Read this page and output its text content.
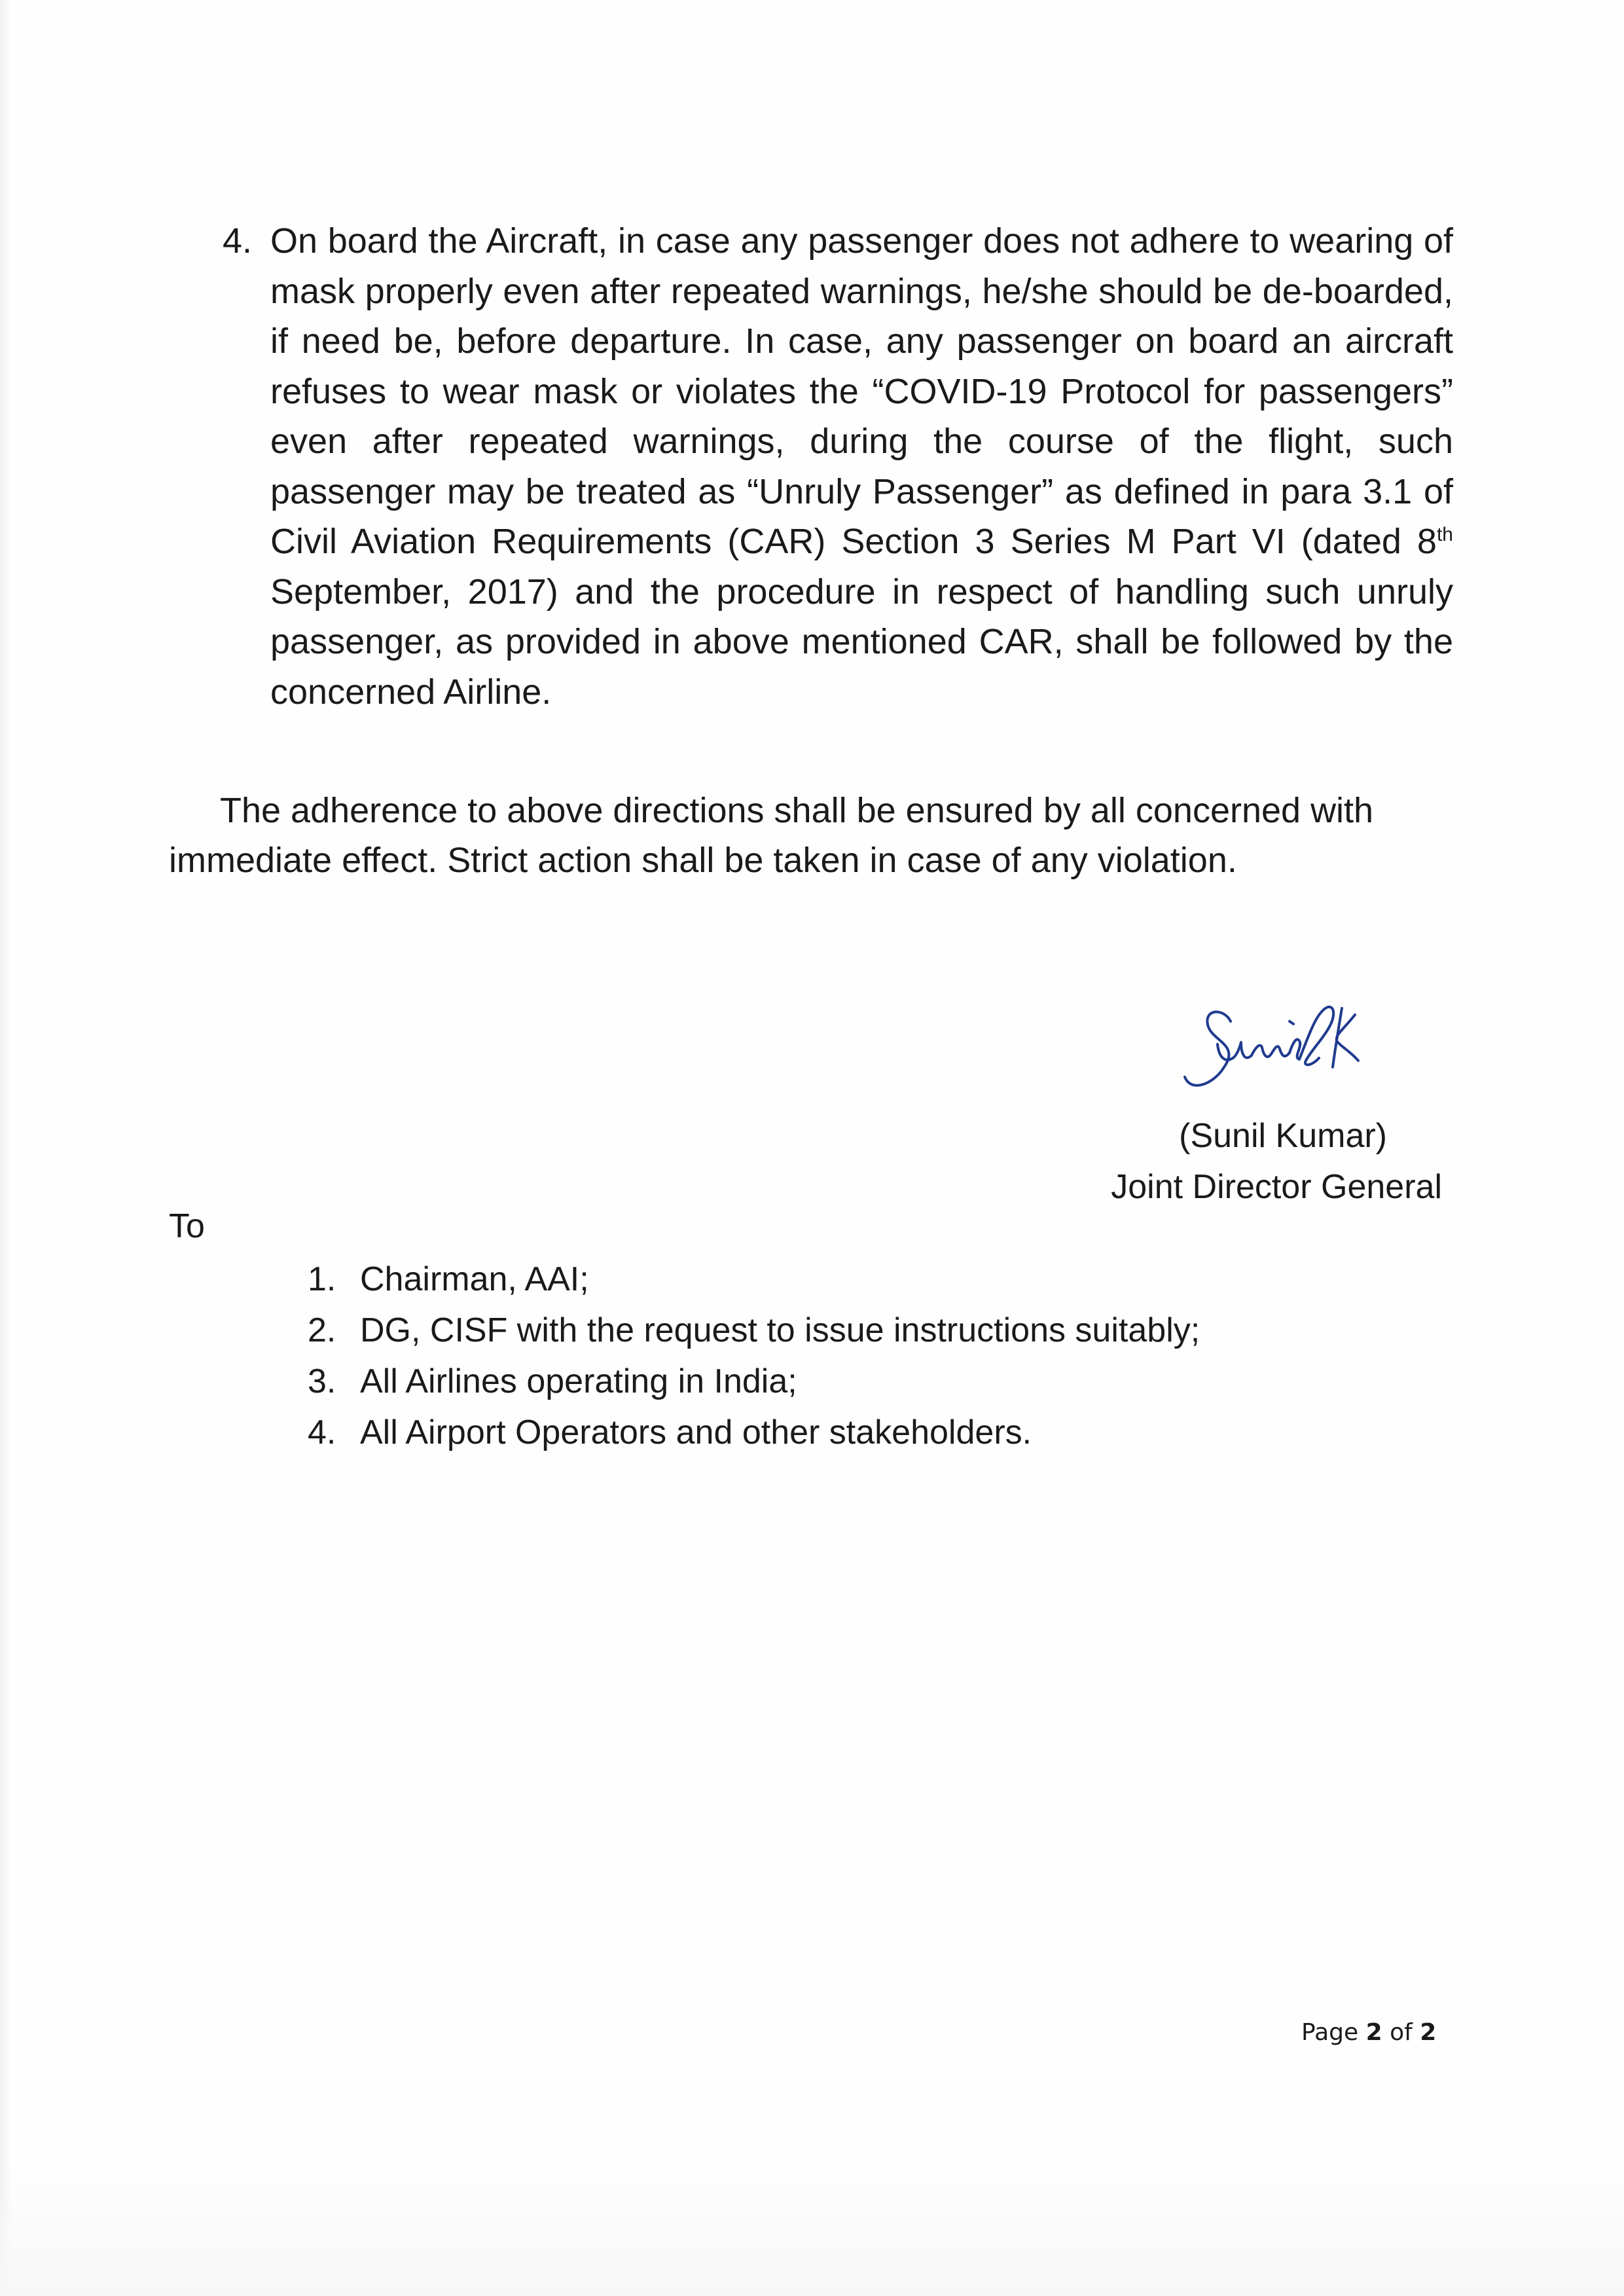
4. On board the Aircraft, in case any passenger does not adhere to wearing of mask properly even after repeated warnings, he/she should be de-boarded, if need be, before departure. In case, any passenger on board an aircraft refuses to wear mask or violates the “COVID-19 Protocol for passengers” even after repeated warnings, during the course of the flight, such passenger may be treated as “Unruly Passenger” as defined in para 3.1 of Civil Aviation Requirements (CAR) Section 3 Series M Part VI (dated 8th September, 2017) and the procedure in respect of handling such unruly passenger, as provided in above mentioned CAR, shall be followed by the concerned Airline.
The adherence to above directions shall be ensured by all concerned with immediate effect. Strict action shall be taken in case of any violation.
(Sunil Kumar)
Joint Director General
To
1. Chairman, AAI;
2. DG, CISF with the request to issue instructions suitably;
3. All Airlines operating in India;
4. All Airport Operators and other stakeholders.
Page 2 of 2
